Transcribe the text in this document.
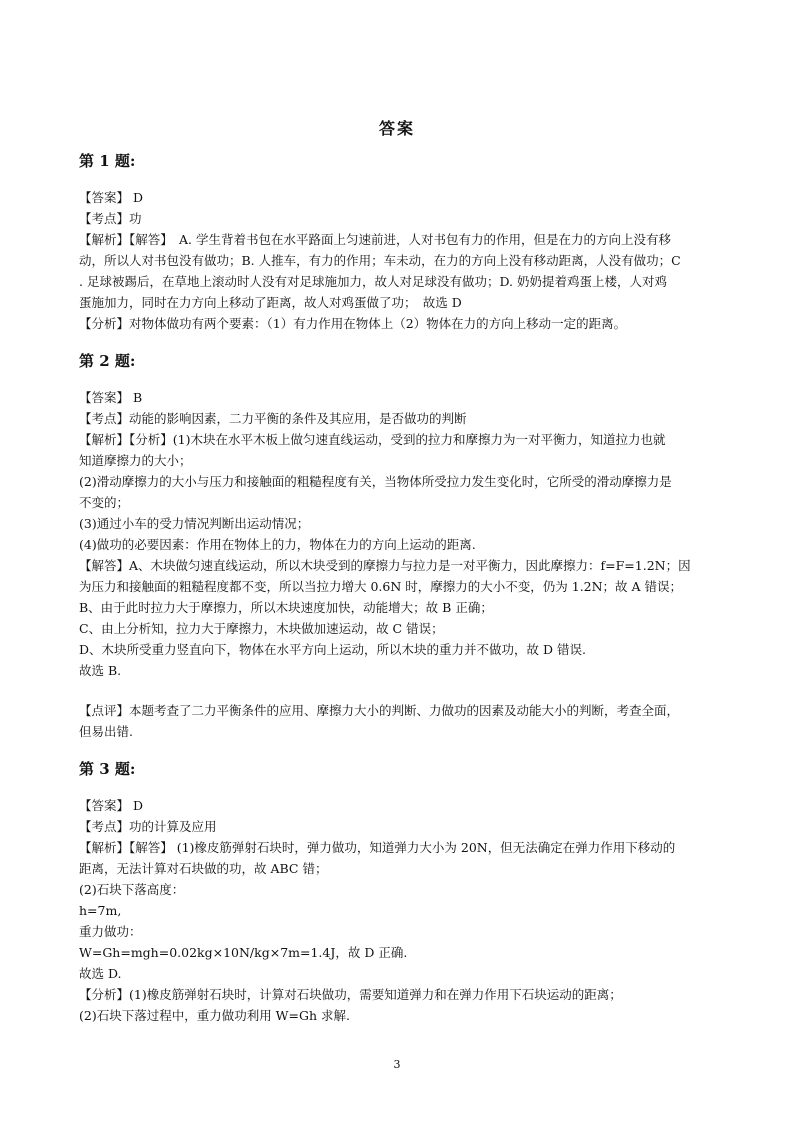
答案
第 1 题:
【答案】 D
【考点】功
【解析】【解答】　A. 学生背着书包在水平路面上匀速前进，人对书包有力的作用，但是在力的方向上没有移
动，所以人对书包没有做功；B. 人推车，有力的作用；车未动，在力的方向上没有移动距离，人没有做功；C
. 足球被踢后，在草地上滚动时人没有对足球施加力，故人对足球没有做功；D. 奶奶提着鸡蛋上楼，人对鸡
蛋施加力，同时在力方向上移动了距离，故人对鸡蛋做了功；　故选 D
【分析】对物体做功有两个要素：（1）有力作用在物体上（2）物体在力的方向上移动一定的距离。
第 2 题:
【答案】 B
【考点】动能的影响因素，二力平衡的条件及其应用，是否做功的判断
【解析】【分析】(1)木块在水平木板上做匀速直线运动，受到的拉力和摩擦力为一对平衡力，知道拉力也就
知道摩擦力的大小；
(2)滑动摩擦力的大小与压力和接触面的粗糙程度有关，当物体所受拉力发生变化时，它所受的滑动摩擦力是
不变的；
(3)通过小车的受力情况判断出运动情况；
(4)做功的必要因素：作用在物体上的力，物体在力的方向上运动的距离.
【解答】A、木块做匀速直线运动，所以木块受到的摩擦力与拉力是一对平衡力，因此摩擦力：f=F=1.2N；因
为压力和接触面的粗糙程度都不变，所以当拉力增大 0.6N 时，摩擦力的大小不变，仍为 1.2N；故 A 错误；
B、由于此时拉力大于摩擦力，所以木块速度加快，动能增大；故 B 正确；
C、由上分析知，拉力大于摩擦力，木块做加速运动，故 C 错误；
D、木块所受重力竖直向下，物体在水平方向上运动，所以木块的重力并不做功，故 D 错误.
故选 B.
【点评】本题考查了二力平衡条件的应用、摩擦力大小的判断、力做功的因素及动能大小的判断，考查全面，
但易出错.
第 3 题:
【答案】 D
【考点】功的计算及应用
【解析】【解答】 (1)橡皮筋弹射石块时，弹力做功，知道弹力大小为 20N，但无法确定在弹力作用下移动的
距离，无法计算对石块做的功，故 ABC 错；
(2)石块下落高度：
h=7m,
重力做功：
W=Gh=mgh=0.02kg×10N/kg×7m=1.4J，故 D 正确.
故选 D.
【分析】(1)橡皮筋弹射石块时，计算对石块做功，需要知道弹力和在弹力作用下石块运动的距离；
(2)石块下落过程中，重力做功利用 W=Gh 求解.
3
